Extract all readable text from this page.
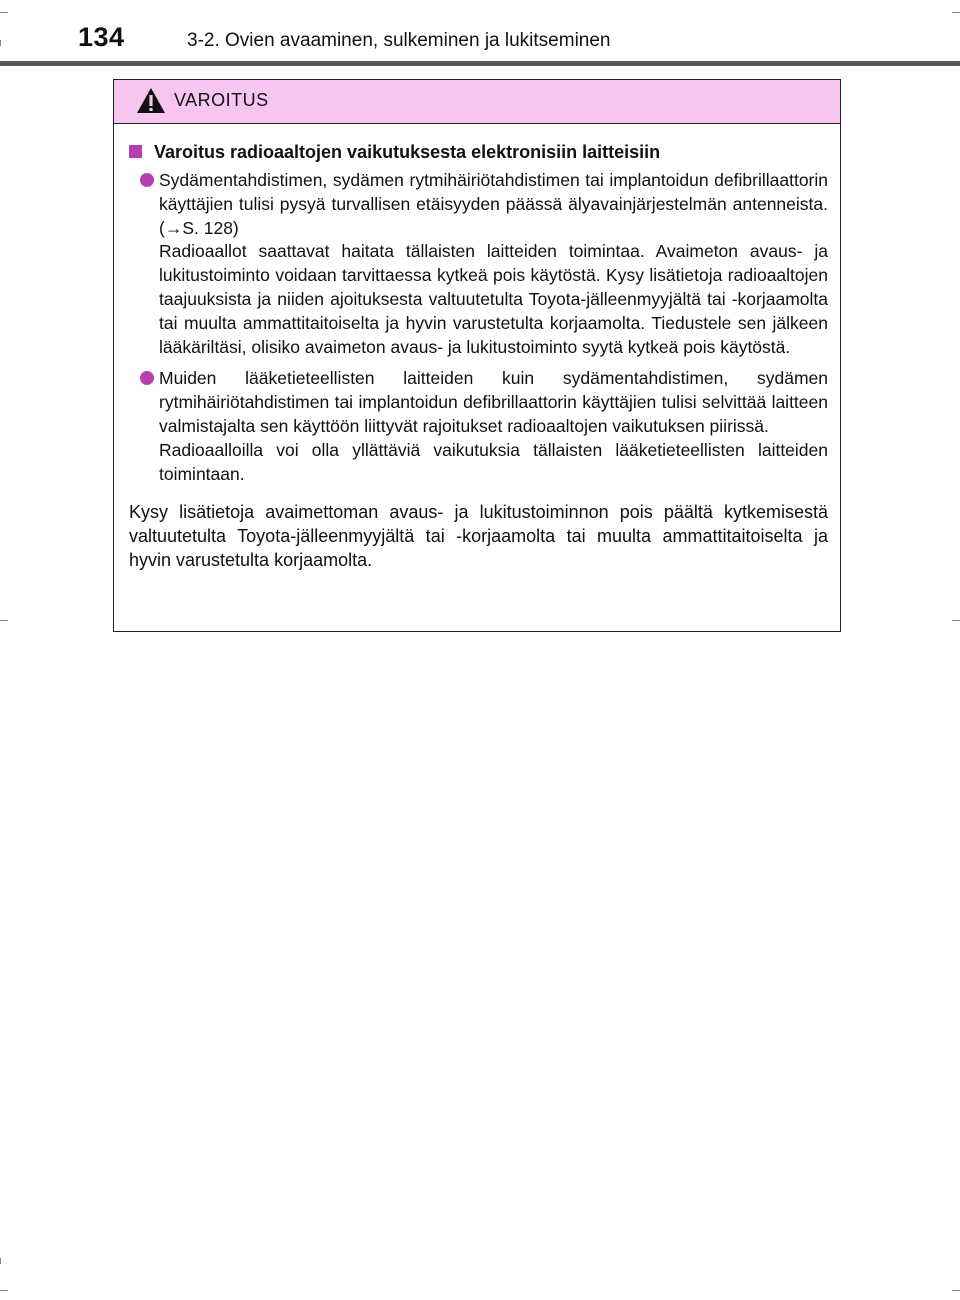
134	3-2. Ovien avaaminen, sulkeminen ja lukitseminen
VAROITUS
Varoitus radioaaltojen vaikutuksesta elektronisiin laitteisiin

Sydämentahdistimen, sydämen rytmihäiriötahdistimen tai implantoidun defibrillaattorin käyttäjien tulisi pysyä turvallisen etäisyyden päässä älyavainjärjestelmän antenneista. (→S. 128)

Radioaallot saattavat haitata tällaisten laitteiden toimintaa. Avaimeton avaus- ja lukitustoiminto voidaan tarvittaessa kytkeä pois käytöstä. Kysy lisätietoja radioaaltojen taajuuksista ja niiden ajoituksesta valtuutetulta Toyota-jälleenmyyjältä tai -korjaamolta tai muulta ammattitaitoiselta ja hyvin varustetulta korjaamolta. Tiedustele sen jälkeen lääkäriltäsi, olisiko avaimeton avaus- ja lukitustoiminto syytä kytkeä pois käytöstä.

Muiden lääketieteellisten laitteiden kuin sydämentahdistimen, sydämen rytmihäiriötahdistimen tai implantoidun defibrillaattorin käyttäjien tulisi selvittää laitteen valmistajalta sen käyttöön liittyvät rajoitukset radioaaltojen vaikutuksen piirissä.

Radioaalloilla voi olla yllättäviä vaikutuksia tällaisten lääketieteellisten laitteiden toimintaan.

Kysy lisätietoja avaimettoman avaus- ja lukitustoiminnon pois päältä kytkemisestä valtuutetulta Toyota-jälleenmyyjältä tai -korjaamolta tai muulta ammattitaitoiselta ja hyvin varustetulta korjaamolta.
